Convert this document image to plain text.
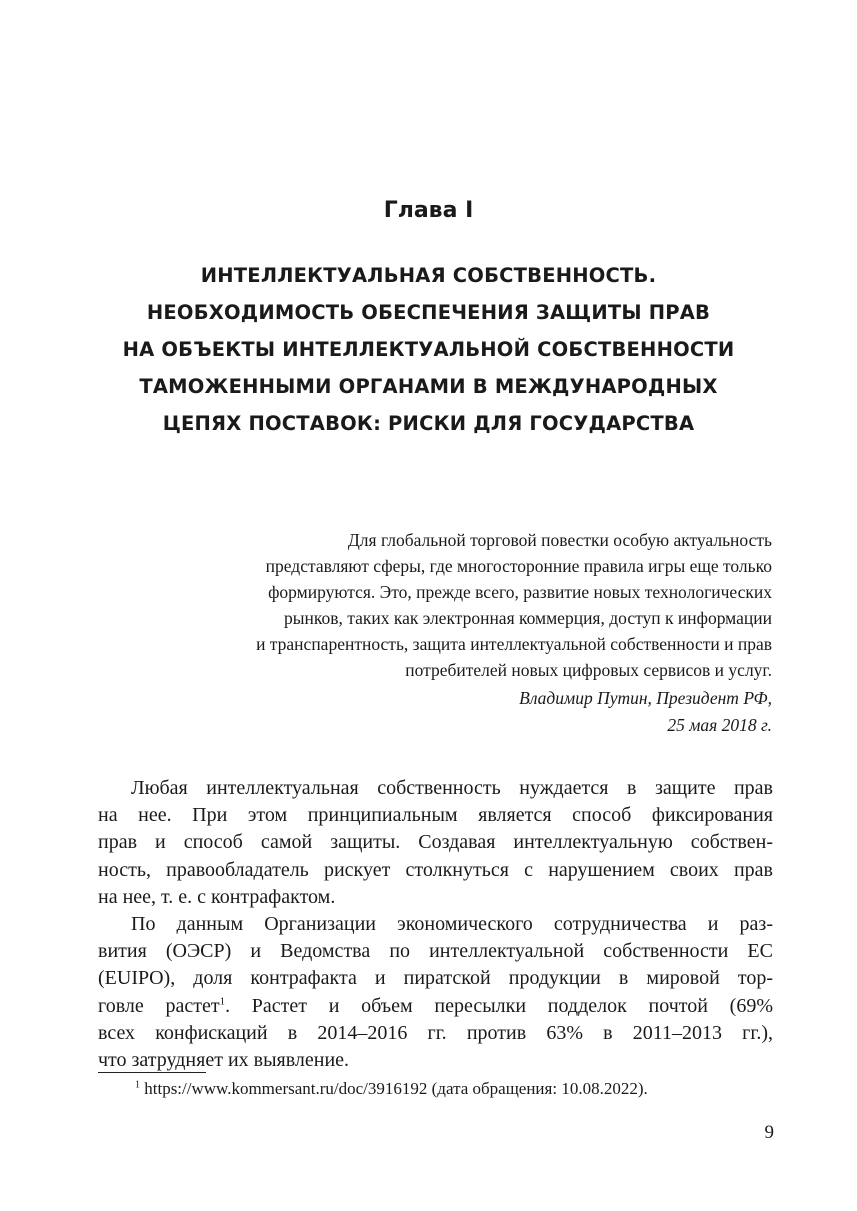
Глава I
ИНТЕЛЛЕКТУАЛЬНАЯ СОБСТВЕННОСТЬ.
НЕОБХОДИМОСТЬ ОБЕСПЕЧЕНИЯ ЗАЩИТЫ ПРАВ
НА ОБЪЕКТЫ ИНТЕЛЛЕКТУАЛЬНОЙ СОБСТВЕННОСТИ
ТАМОЖЕННЫМИ ОРГАНАМИ В МЕЖДУНАРОДНЫХ
ЦЕПЯХ ПОСТАВОК: РИСКИ ДЛЯ ГОСУДАРСТВА
Для глобальной торговой повестки особую актуальность
представляют сферы, где многосторонние правила игры еще только
формируются. Это, прежде всего, развитие новых технологических
рынков, таких как электронная коммерция, доступ к информации
и транспарентность, защита интеллектуальной собственности и прав
потребителей новых цифровых сервисов и услуг.
Владимир Путин, Президент РФ,
25 мая 2018 г.
Любая интеллектуальная собственность нуждается в защите прав
на нее. При этом принципиальным является способ фиксирования
прав и способ самой защиты. Создавая интеллектуальную собствен-
ность, правообладатель рискует столкнуться с нарушением своих прав
на нее, т. е. с контрафактом.
По данным Организации экономического сотрудничества и раз-
вития (ОЭСР) и Ведомства по интеллектуальной собственности ЕС
(EUIPO), доля контрафакта и пиратской продукции в мировой тор-
говле растет$^1$. Растет и объем пересылки подделок почтой (69%
всех конфискаций в 2014–2016 гг. против 63% в 2011–2013 гг.),
что затрудняет их выявление.
$^1$ https://www.kommersant.ru/doc/3916192 (дата обращения: 10.08.2022).
9
